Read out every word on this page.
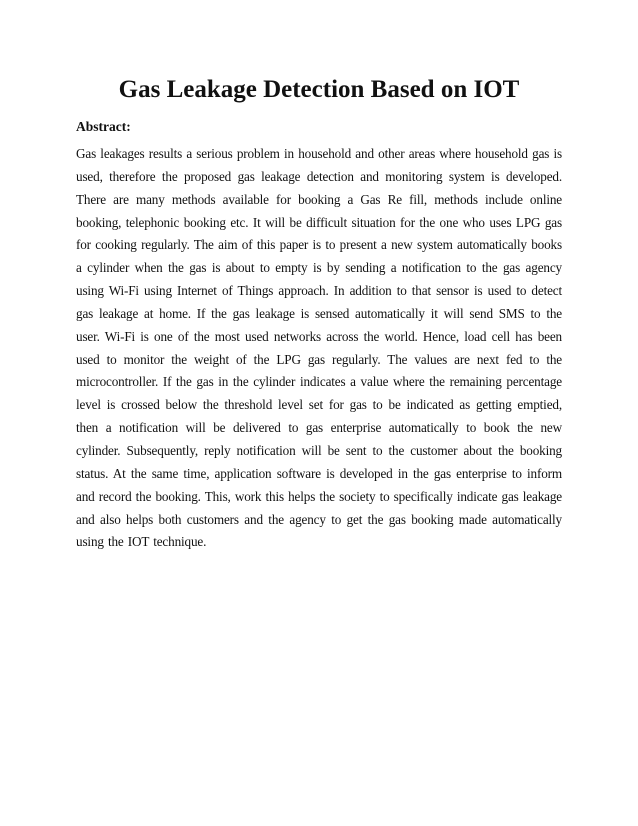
Gas Leakage Detection Based on IOT
Abstract:

Gas leakages results a serious problem in household and other areas where household gas is used, therefore the proposed gas leakage detection and monitoring system is developed. There are many methods available for booking a Gas Re fill, methods include online booking, telephonic booking etc. It will be difficult situation for the one who uses LPG gas for cooking regularly. The aim of this paper is to present a new system automatically books a cylinder when the gas is about to empty is by sending a notification to the gas agency using Wi-Fi using Internet of Things approach. In addition to that sensor is used to detect gas leakage at home. If the gas leakage is sensed automatically it will send SMS to the user. Wi-Fi is one of the most used networks across the world. Hence, load cell has been used to monitor the weight of the LPG gas regularly. The values are next fed to the microcontroller. If the gas in the cylinder indicates a value where the remaining percentage level is crossed below the threshold level set for gas to be indicated as getting emptied, then a notification will be delivered to gas enterprise automatically to book the new cylinder. Subsequently, reply notification will be sent to the customer about the booking status. At the same time, application software is developed in the gas enterprise to inform and record the booking. This, work this helps the society to specifically indicate gas leakage and also helps both customers and the agency to get the gas booking made automatically using the IOT technique.
